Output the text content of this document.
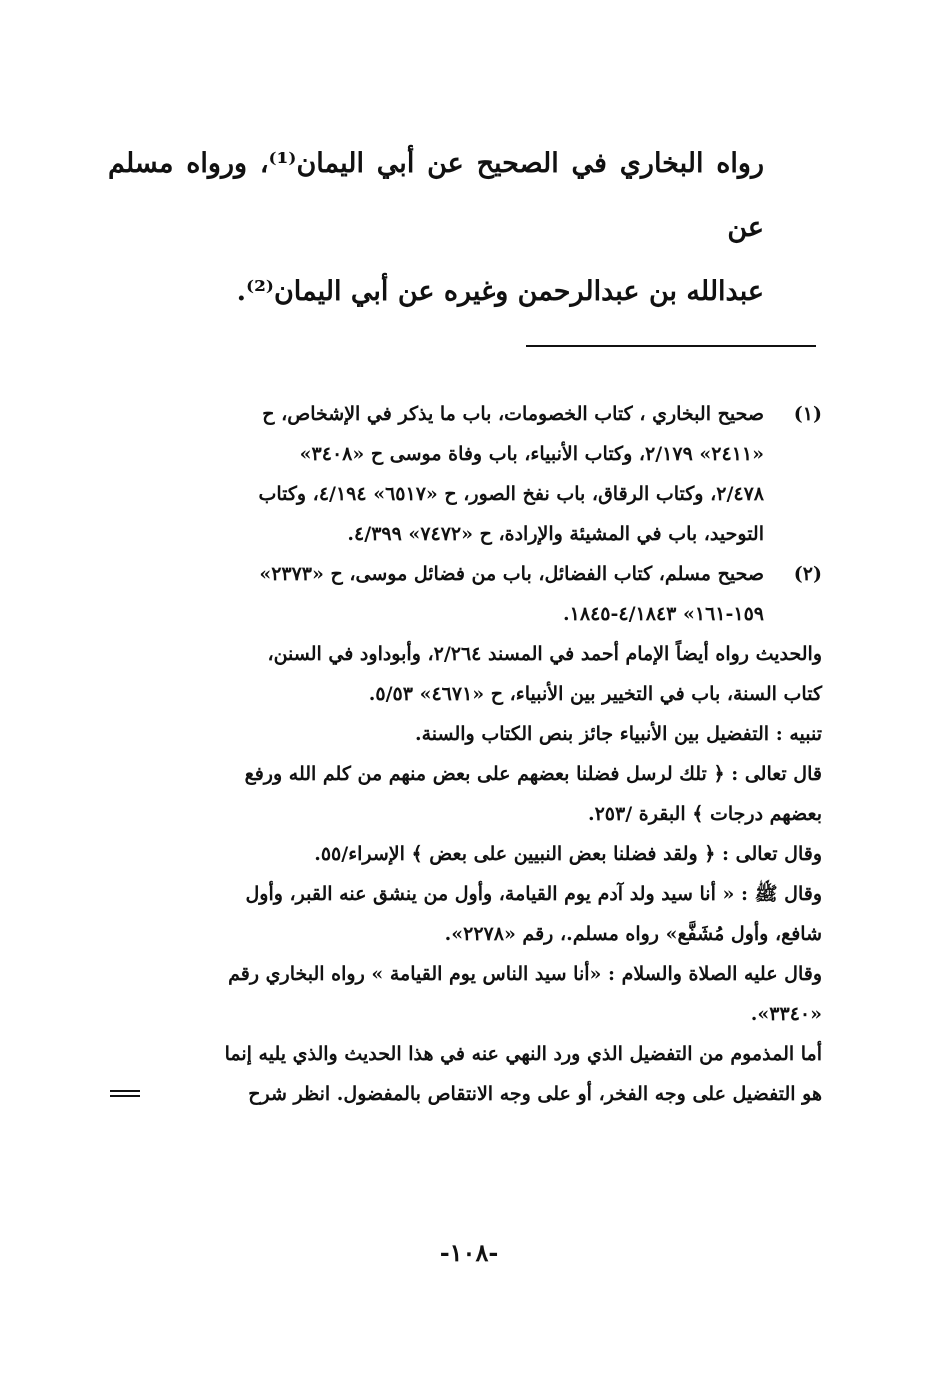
رواه البخاري في الصحيح عن أبي اليمان⁽¹⁾، ورواه مسلم عن

عبدالله بن عبدالرحمن وغيره عن أبي اليمان⁽²⁾.

(١)

صحيح البخاري ، كتاب الخصومات، باب ما يذكر في الإشخاص، ح

«٢٤١١» ٢/١٧٩، وكتاب الأنبياء، باب وفاة موسى ح «٣٤٠٨»

٢/٤٧٨، وكتاب الرقاق، باب نفخ الصور، ح «٦٥١٧» ٤/١٩٤، وكتاب

التوحيد، باب في المشيئة والإرادة، ح «٧٤٧٢» ٤/٣٩٩.

(٢)

صحيح مسلم، كتاب الفضائل، باب من فضائل موسى، ح «٢٣٧٣»

١٥٩-١٦١» ٤/١٨٤٣-١٨٤٥.

والحديث رواه أيضاً الإمام أحمد في المسند ٢/٢٦٤، وأبوداود في السنن،

كتاب السنة، باب في التخيير بين الأنبياء، ح «٤٦٧١» ٥/٥٣.

تنبيه : التفضيل بين الأنبياء جائز بنص الكتاب والسنة.

قال تعالى : ﴿ تلك لرسل فضلنا بعضهم على بعض منهم من كلم الله ورفع

بعضهم درجات ﴾ البقرة /٢٥٣.

وقال تعالى : ﴿ ولقد فضلنا بعض النبيين على بعض ﴾ الإسراء/٥٥.

وقال ﷺ : « أنا سيد ولد آدم يوم القيامة، وأول من ينشق عنه القبر، وأول

شافع، وأول مُشَفَّع» رواه مسلم.، رقم «٢٢٧٨».

وقال عليه الصلاة والسلام : «أنا سيد الناس يوم القيامة » رواه البخاري رقم

«٣٣٤٠».

أما المذموم من التفضيل الذي ورد النهي عنه في هذا الحديث والذي يليه إنما

هو التفضيل على وجه الفخر، أو على وجه الانتقاص بالمفضول. انظر شرح

-١٠٨-
